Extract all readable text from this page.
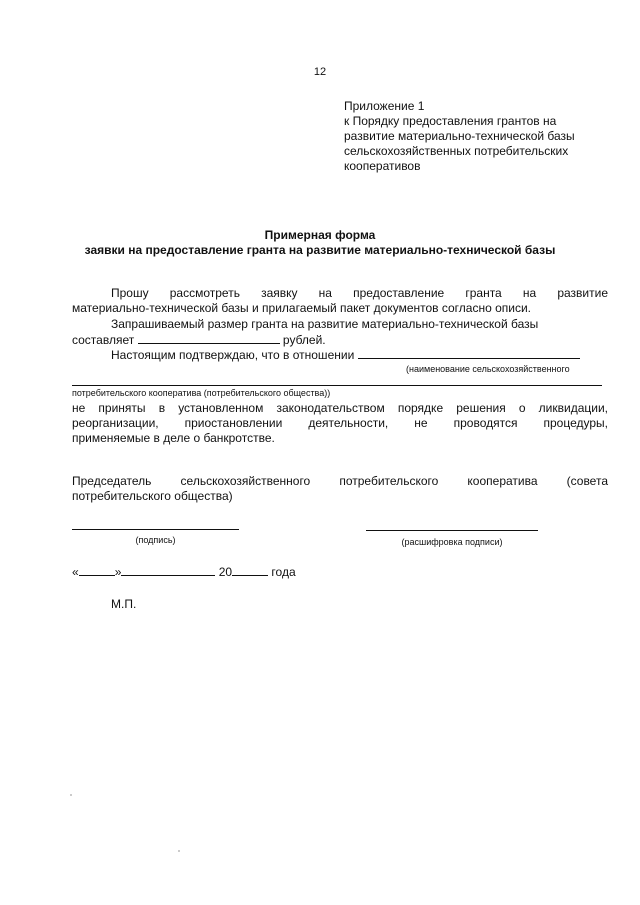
12
Приложение 1
к Порядку предоставления грантов на
развитие материально-технической базы
сельскохозяйственных потребительских
кооперативов
Примерная форма
заявки на предоставление гранта на развитие материально-технической базы
Прошу рассмотреть заявку на предоставление гранта на развитие
материально-технической базы и прилагаемый пакет документов согласно описи.
Запрашиваемый размер гранта на развитие материально-технической базы
составляет	рублей.
Настоящим подтверждаю, что в отношении
(наименование сельскохозяйственного
потребительского кооператива (потребительского общества))
не приняты в установленном законодательством порядке решения о ликвидации,
реорганизации, приостановлении деятельности, не проводятся процедуры,
применяемые в деле о банкротстве.
Председатель сельскохозяйственного потребительского кооператива (совета
потребительского общества)
(подпись)	(расшифровка подписи)
«	»	20	года
М.П.
